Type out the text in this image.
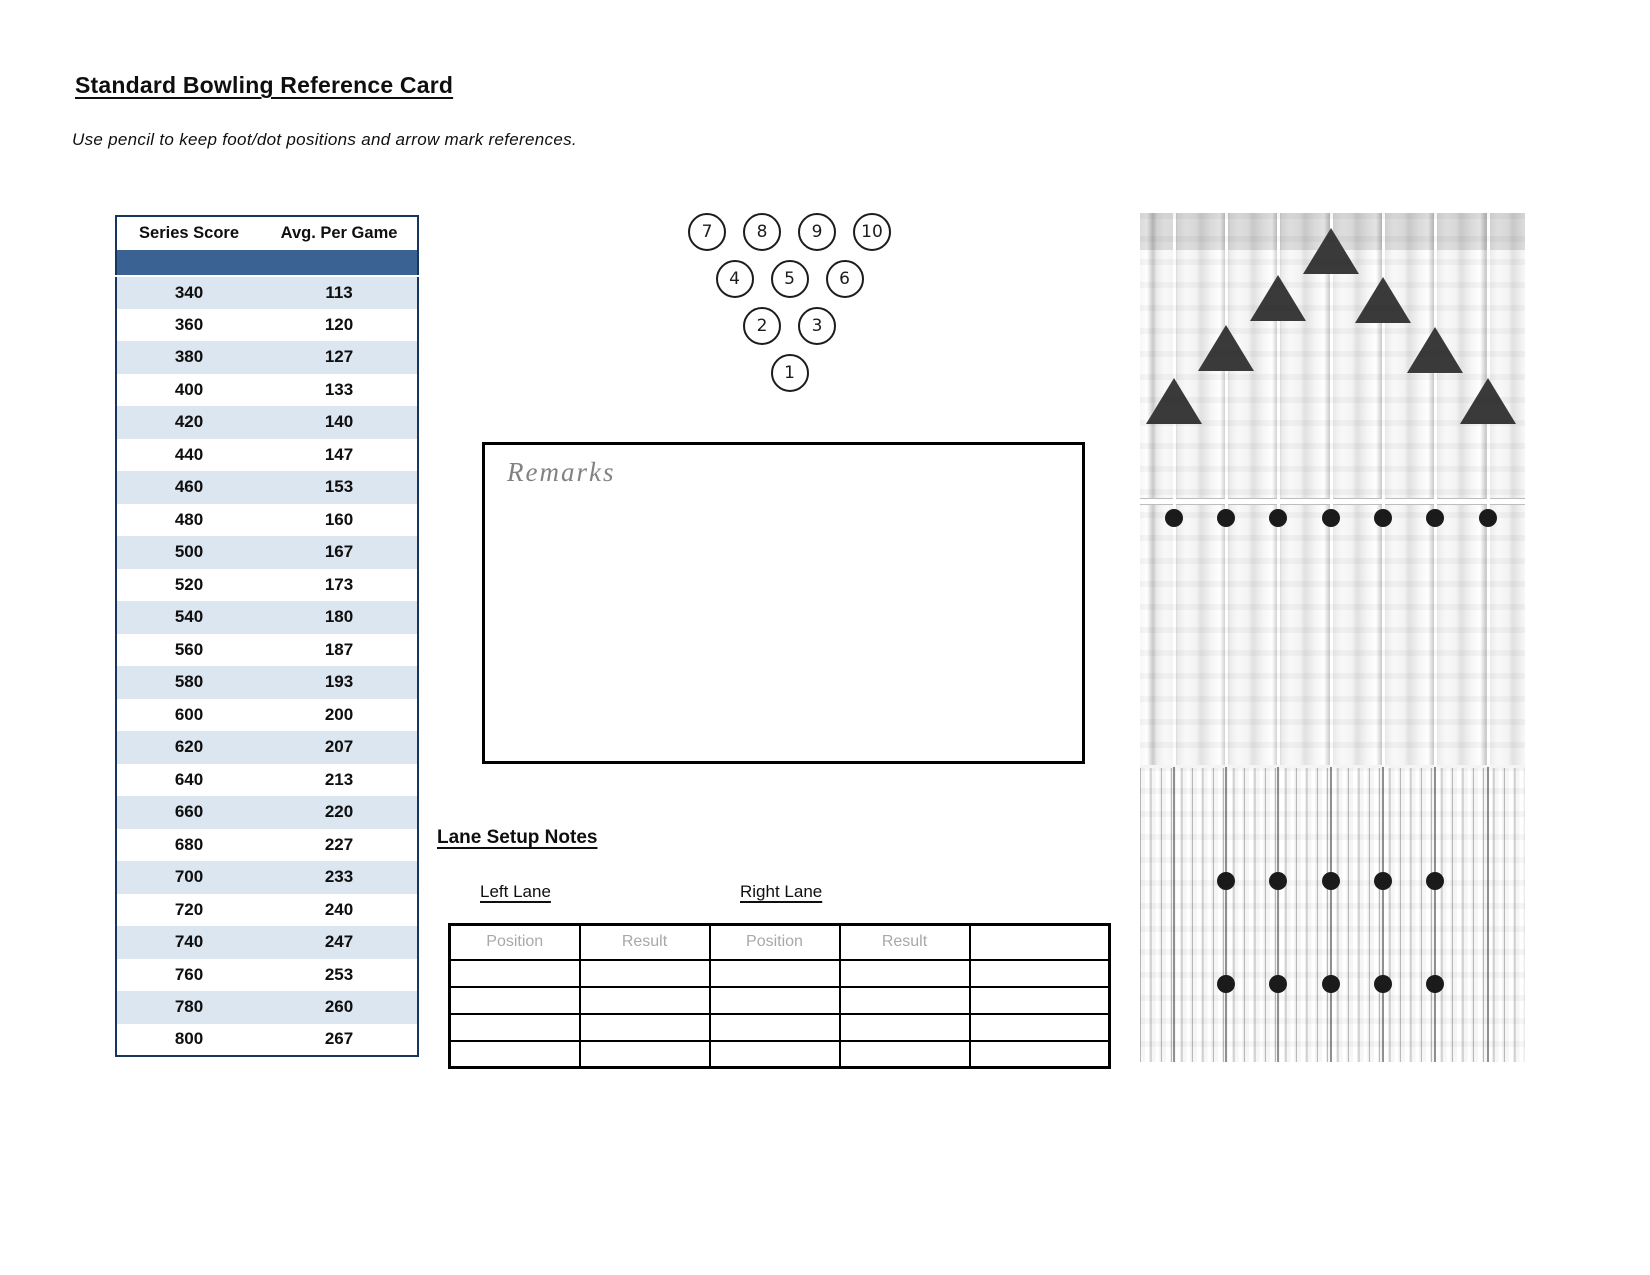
Standard Bowling Reference Card
Use pencil to keep foot/dot positions and arrow mark references.
Series Score	Avg. Per Game

340	113
360	120
380	127
400	133
420	140
440	147
460	153
480	160
500	167
520	173
540	180
560	187
580	193
600	200
620	207
640	213
660	220
680	227
700	233
720	240
740	247
760	253
780	260
800	267
7	8	9	10
4	5	6
2	3
1
Remarks
Lane Setup Notes
Left Lane	Right Lane
Position	Result	Position	Result	
